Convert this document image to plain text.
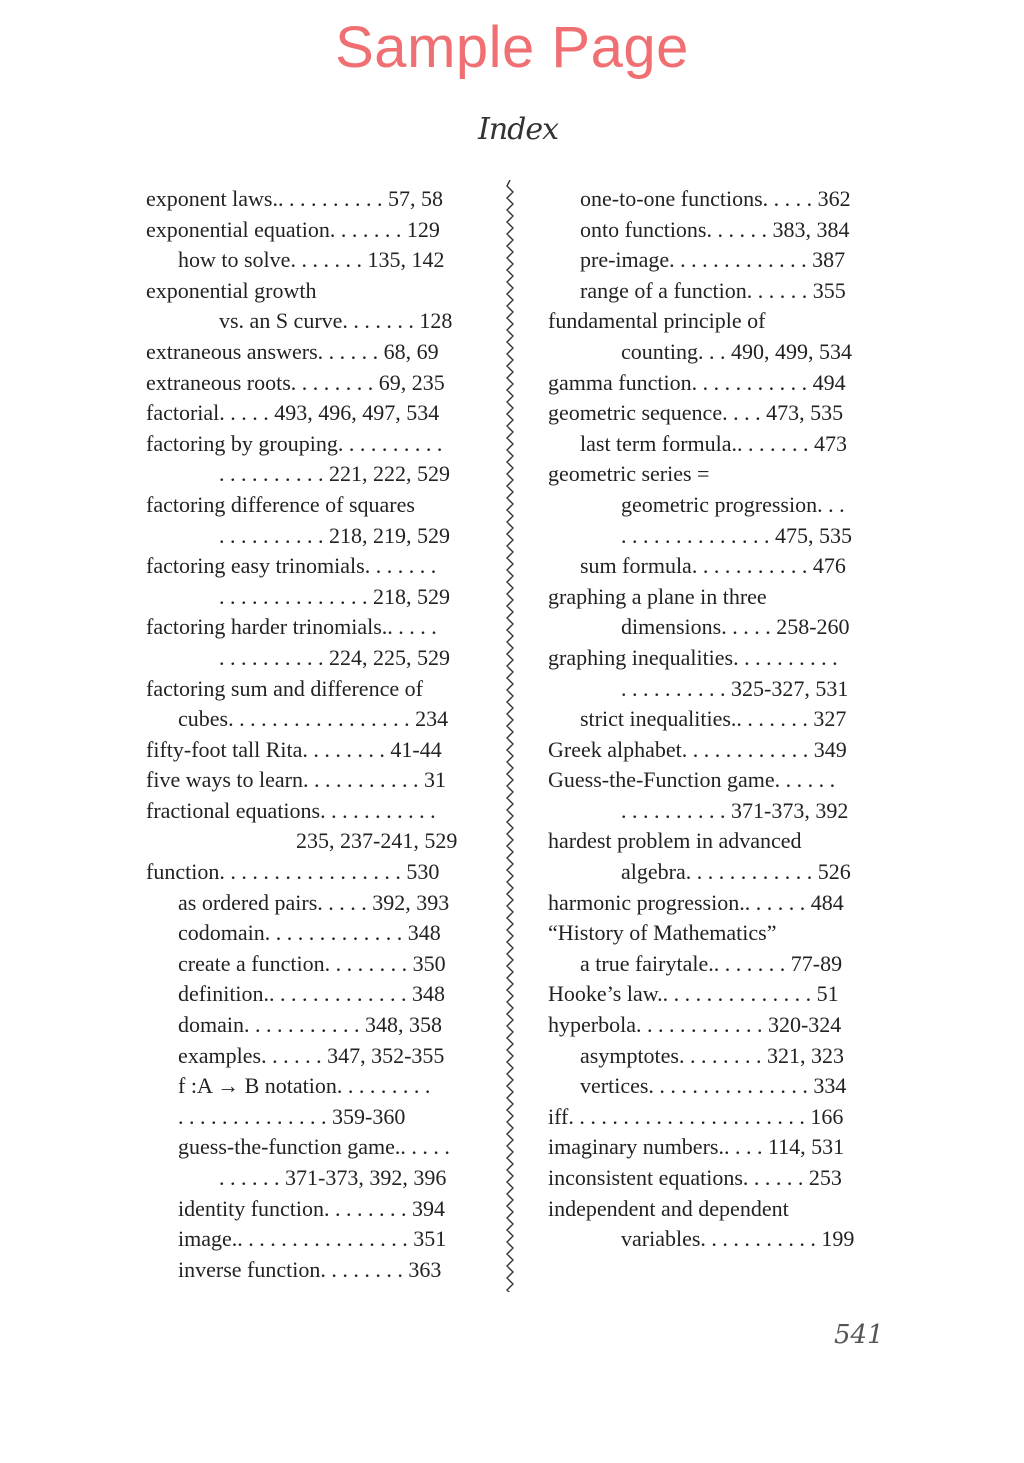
Sample Page
Index
exponent laws.. . . . . . . . . . 57, 58
exponential equation. . . . . . . 129
how to solve. . . . . . . 135, 142
exponential growth
vs. an S curve. . . . . . . 128
extraneous answers. . . . . . 68, 69
extraneous roots. . . . . . . . 69, 235
factorial. . . . . 493, 496, 497, 534
factoring by grouping. . . . . . . . . .
. . . . . . . . . . 221, 222, 529
factoring difference of squares
. . . . . . . . . . 218, 219, 529
factoring easy trinomials. . . . . . .
. . . . . . . . . . . . . . 218, 529
factoring harder trinomials.. . . . .
. . . . . . . . . . 224, 225, 529
factoring sum and difference of
cubes. . . . . . . . . . . . . . . . . 234
fifty-foot tall Rita. . . . . . . . 41-44
five ways to learn. . . . . . . . . . . 31
fractional equations. . . . . . . . . . .
235, 237-241, 529
function. . . . . . . . . . . . . . . . . 530
as ordered pairs. . . . . 392, 393
codomain. . . . . . . . . . . . . 348
create a function. . . . . . . . 350
definition.. . . . . . . . . . . . . 348
domain. . . . . . . . . . . 348, 358
examples. . . . . . 347, 352-355
f :A → B notation. . . . . . . . .
. . . . . . . . . . . . . . 359-360
guess-the-function game.. . . . .
. . . . . . 371-373, 392, 396
identity function. . . . . . . . 394
image.. . . . . . . . . . . . . . . . 351
inverse function. . . . . . . . 363
one-to-one functions. . . . . 362
onto functions. . . . . . 383, 384
pre-image. . . . . . . . . . . . . 387
range of a function. . . . . . 355
fundamental principle of
counting. . . 490, 499, 534
gamma function. . . . . . . . . . . 494
geometric sequence. . . . 473, 535
last term formula.. . . . . . . 473
geometric series =
geometric progression. . .
. . . . . . . . . . . . . . 475, 535
sum formula. . . . . . . . . . . 476
graphing a plane in three
dimensions. . . . . 258-260
graphing inequalities. . . . . . . . . .
. . . . . . . . . . 325-327, 531
strict inequalities.. . . . . . . 327
Greek alphabet. . . . . . . . . . . . 349
Guess-the-Function game. . . . . .
. . . . . . . . . . 371-373, 392
hardest problem in advanced
algebra. . . . . . . . . . . . 526
harmonic progression.. . . . . . 484
“History of Mathematics”
a true fairytale.. . . . . . . 77-89
Hooke’s law.. . . . . . . . . . . . . . 51
hyperbola. . . . . . . . . . . . 320-324
asymptotes. . . . . . . . 321, 323
vertices. . . . . . . . . . . . . . . 334
iff. . . . . . . . . . . . . . . . . . . . . . 166
imaginary numbers.. . . . 114, 531
inconsistent equations. . . . . . 253
independent and dependent
variables. . . . . . . . . . . 199
541
